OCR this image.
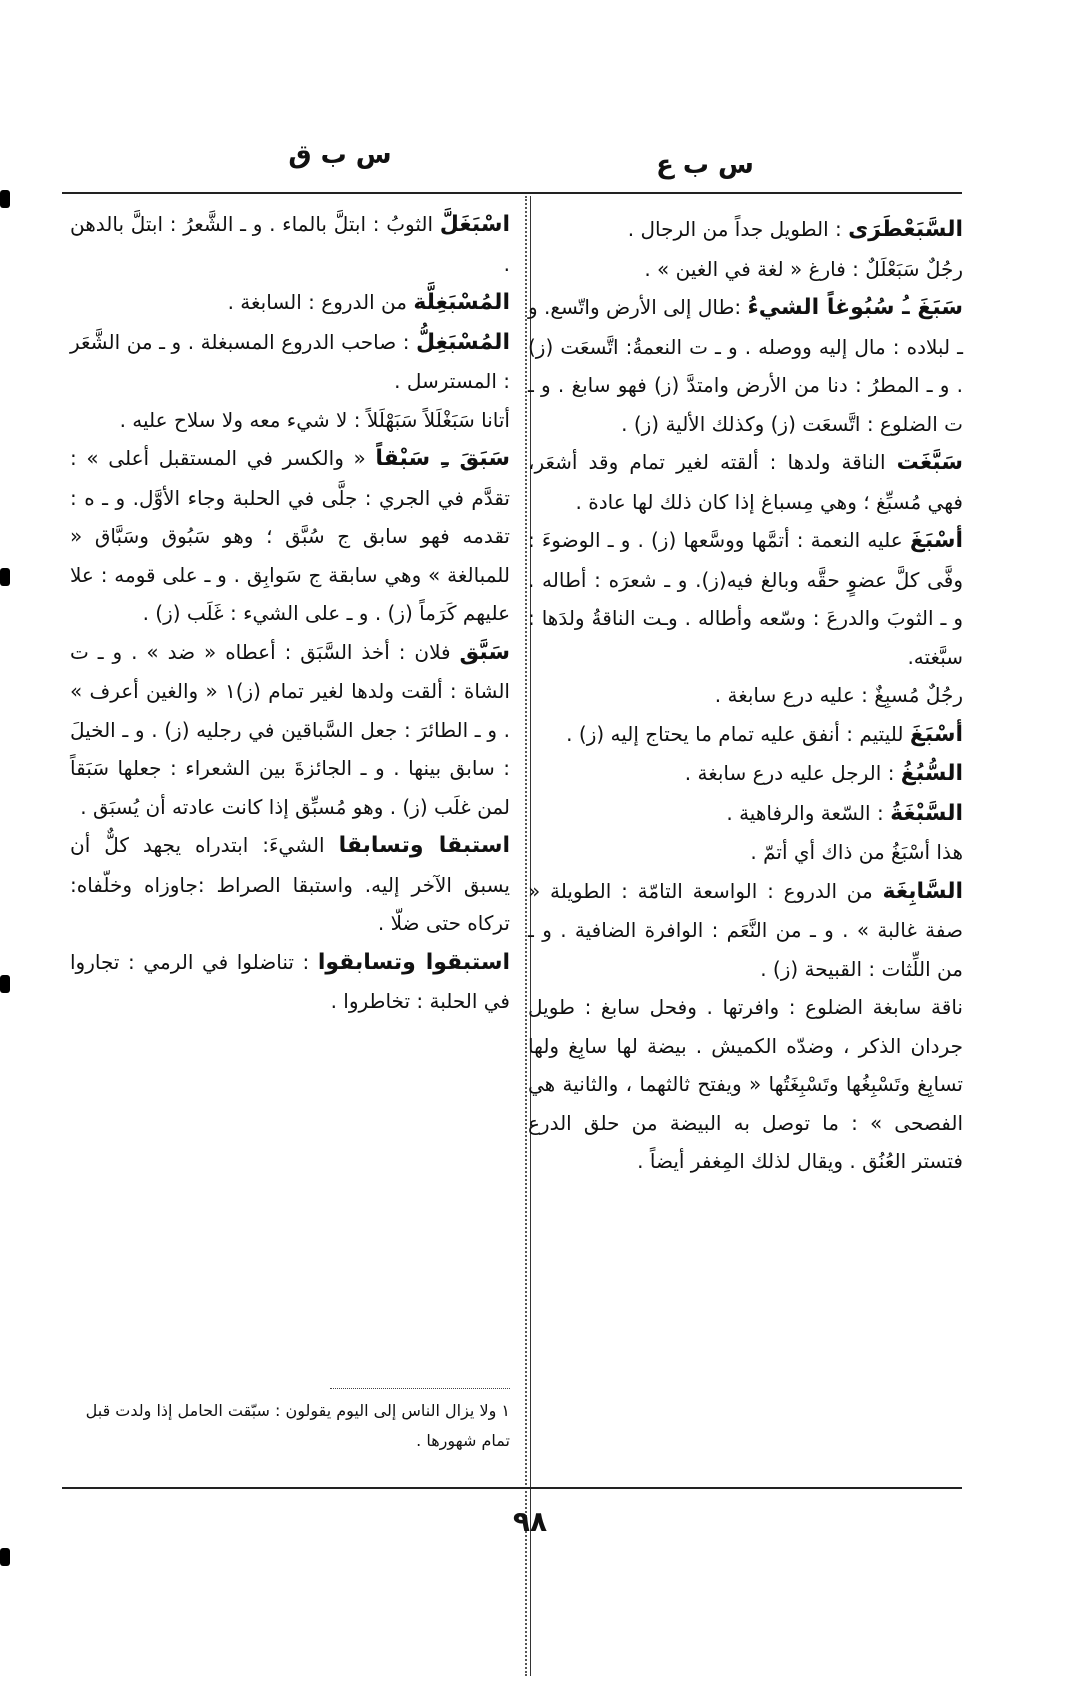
س ب ع
س ب ق

السَّبَعْطَرَى : الطويل جداً من الرجال .

رجُلٌ سَبَعْلَلٌ : فارغ « لغة في الغين » .

سَبَغَ ـُ سُبُوغاً الشيءُ :طال إلى الأرض واتّسع. و ـ لبلاده : مال إليه ووصله . و ـ ت النعمةُ: اتَّسعَت (ز) . و ـ المطرُ : دنا من الأرض وامتدَّ (ز) فهو سابغ . و ـ ت الضلوع : اتَّسعَت (ز) وكذلك الألية (ز) .

سَبَّغَت الناقة ولدها : ألقته لغير تمام وقد أشعَر، فهي مُسبِّغ ؛ وهي مِسباغ إذا كان ذلك لها عادة .

أسْبَغَ عليه النعمة : أتمَّها ووسَّعها (ز) . و ـ الوضوءَ : وفَّى كلَّ عضوٍ حقَّه وبالغ فيه(ز). و ـ شعرَه : أطاله . و ـ الثوبَ والدرعَ : وسّعه وأطاله . وـت الناقةُ ولدَها : سبَّغته.

رجُلٌ مُسبِغٌ : عليه درع سابغة .

أسْبَغَ لليتيم : أنفق عليه تمام ما يحتاج إليه (ز) .

السُّبُغُ : الرجل عليه درع سابغة .

السَّبْغَةُ : السّعة والرفاهية .

هذا أسْبَغُ من ذاك أي أتمّ .

السَّابِغَة من الدروع : الواسعة التامّة : الطويلة « صفة غالبة » . و ـ من النَّعَم : الوافرة الضافية . و ـ من اللِّثات : القبيحة (ز) .

ناقة سابغة الضلوع : وافرتها . وفحل سابغ : طويل جردان الذكر ، وضدّه الكميش . بيضة لها سابِغ ولها تسابِغ وتَسْبِغُها وتَسْبِغَتُها « ويفتح ثالثهما ، والثانية هي الفصحى » : ما توصل به البيضة من حلق الدرع فتستر العُنُق . ويقال لذلك المِغفر أيضاً .

اسْبَغَلَّ الثوبُ : ابتلَّ بالماء . و ـ الشَّعرُ : ابتلَّ بالدهن .

المُسْبَغِلَّة من الدروع : السابغة .

المُسْبَغِلُّ : صاحب الدروع المسبغلة . و ـ من الشَّعَر : المسترسل .

أتانا سَبَغْلَلاً سَبَهْلَلاً : لا شيء معه ولا سلاح عليه .

سَبَقَ ـِ سَبْقاً « والكسر في المستقبل أعلى » : تقدَّم في الجري : جلَّى في الحلبة وجاء الأوَّل. و ـ ه : تقدمه فهو سابق ج سُبَّق ؛ وهو سَبُوق وسَبَّاق « للمبالغة » وهي سابقة ج سَوابِق . و ـ على قومه : علا عليهم كَرَماً (ز) . و ـ على الشيء : غَلَب (ز) .

سَبَّق فلان : أخذ السَّبَق : أعطاه « ضد » . و ـ ت الشاة : ألقت ولدها لغير تمام (ز)١ « والغين أعرف » . و ـ الطائرَ : جعل السَّباقين في رجليه (ز) . و ـ الخيلَ : سابق بينها . و ـ الجائزةَ بين الشعراء : جعلها سَبَقاً لمن غلَب (ز) . وهو مُسبِّق إذا كانت عادته أن يُسبَق .

استبقا وتسابقا الشيءَ: ابتدراه يجهد كلٌّ أن يسبق الآخر إليه. واستبقا الصراط :جاوزاه وخلّفاه: تركاه حتى ضلّا .

استبقوا وتسابقوا : تناضلوا في الرمي : تجاروا في الحلبة : تخاطروا .

١ ولا يزال الناس إلى اليوم يقولون : سبّقت الحامل إذا ولدت قبل تمام شهورها .
٩٨
